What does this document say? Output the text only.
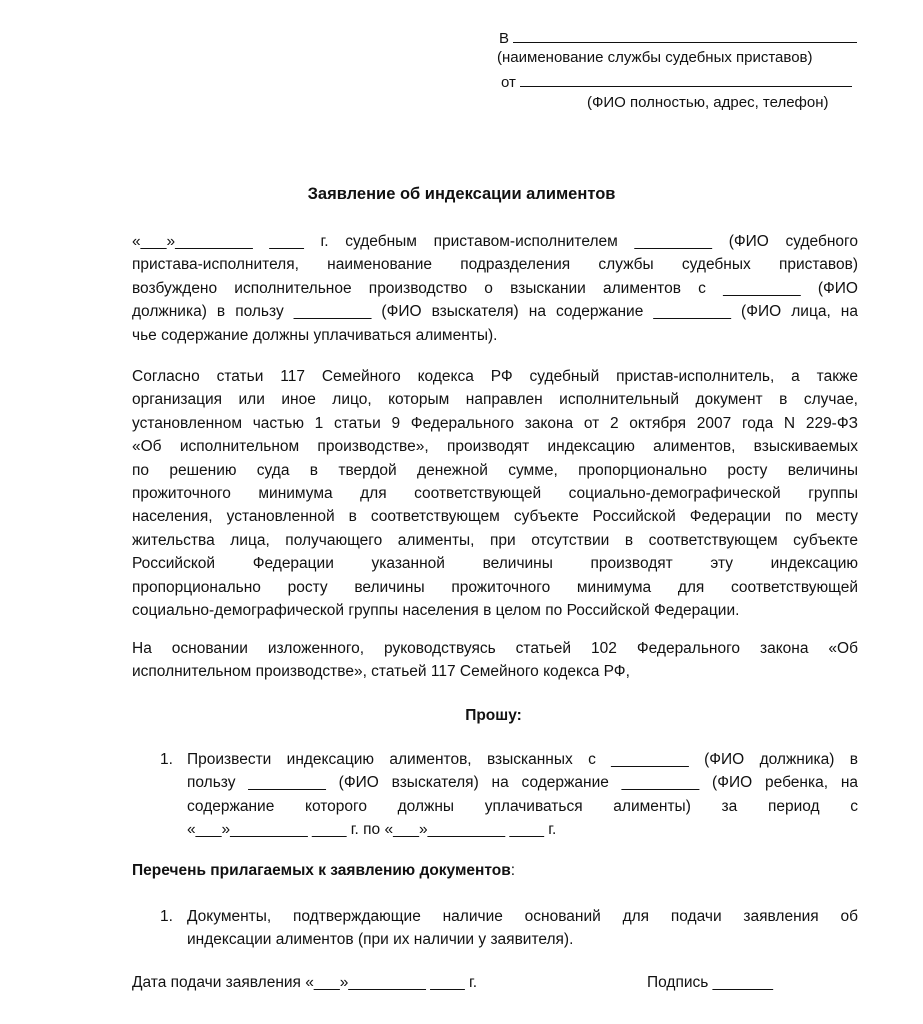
В
(наименование службы судебных приставов)
от
(ФИО полностью, адрес, телефон)
Заявление об индексации алиментов
«___»_________ ____ г. судебным приставом-исполнителем _________ (ФИО судебного
пристава-исполнителя, наименование подразделения службы судебных приставов)
возбуждено исполнительное производство о взыскании алиментов с _________ (ФИО
должника) в пользу _________ (ФИО взыскателя) на содержание _________ (ФИО лица, на
чье содержание должны уплачиваться алименты).
Согласно статьи 117 Семейного кодекса РФ судебный пристав-исполнитель, а также
организация или иное лицо, которым направлен исполнительный документ в случае,
установленном частью 1 статьи 9 Федерального закона от 2 октября 2007 года N 229-ФЗ
«Об исполнительном производстве», производят индексацию алиментов, взыскиваемых
по решению суда в твердой денежной сумме, пропорционально росту величины
прожиточного минимума для соответствующей социально-демографической группы
населения, установленной в соответствующем субъекте Российской Федерации по месту
жительства лица, получающего алименты, при отсутствии в соответствующем субъекте
Российской Федерации указанной величины производят эту индексацию
пропорционально росту величины прожиточного минимума для соответствующей
социально-демографической группы населения в целом по Российской Федерации.
На основании изложенного, руководствуясь статьей 102 Федерального закона «Об
исполнительном производстве», статьей 117 Семейного кодекса РФ,
Прошу:
1. Произвести индексацию алиментов, взысканных с _________ (ФИО должника) в
пользу _________ (ФИО взыскателя) на содержание _________ (ФИО ребенка, на
содержание которого должны уплачиваться алименты) за период с
«___»_________ ____ г. по «___»_________ ____ г.
Перечень прилагаемых к заявлению документов:
1. Документы, подтверждающие наличие оснований для подачи заявления об
индексации алиментов (при их наличии у заявителя).
Дата подачи заявления «___»_________ ____ г.	Подпись _______
